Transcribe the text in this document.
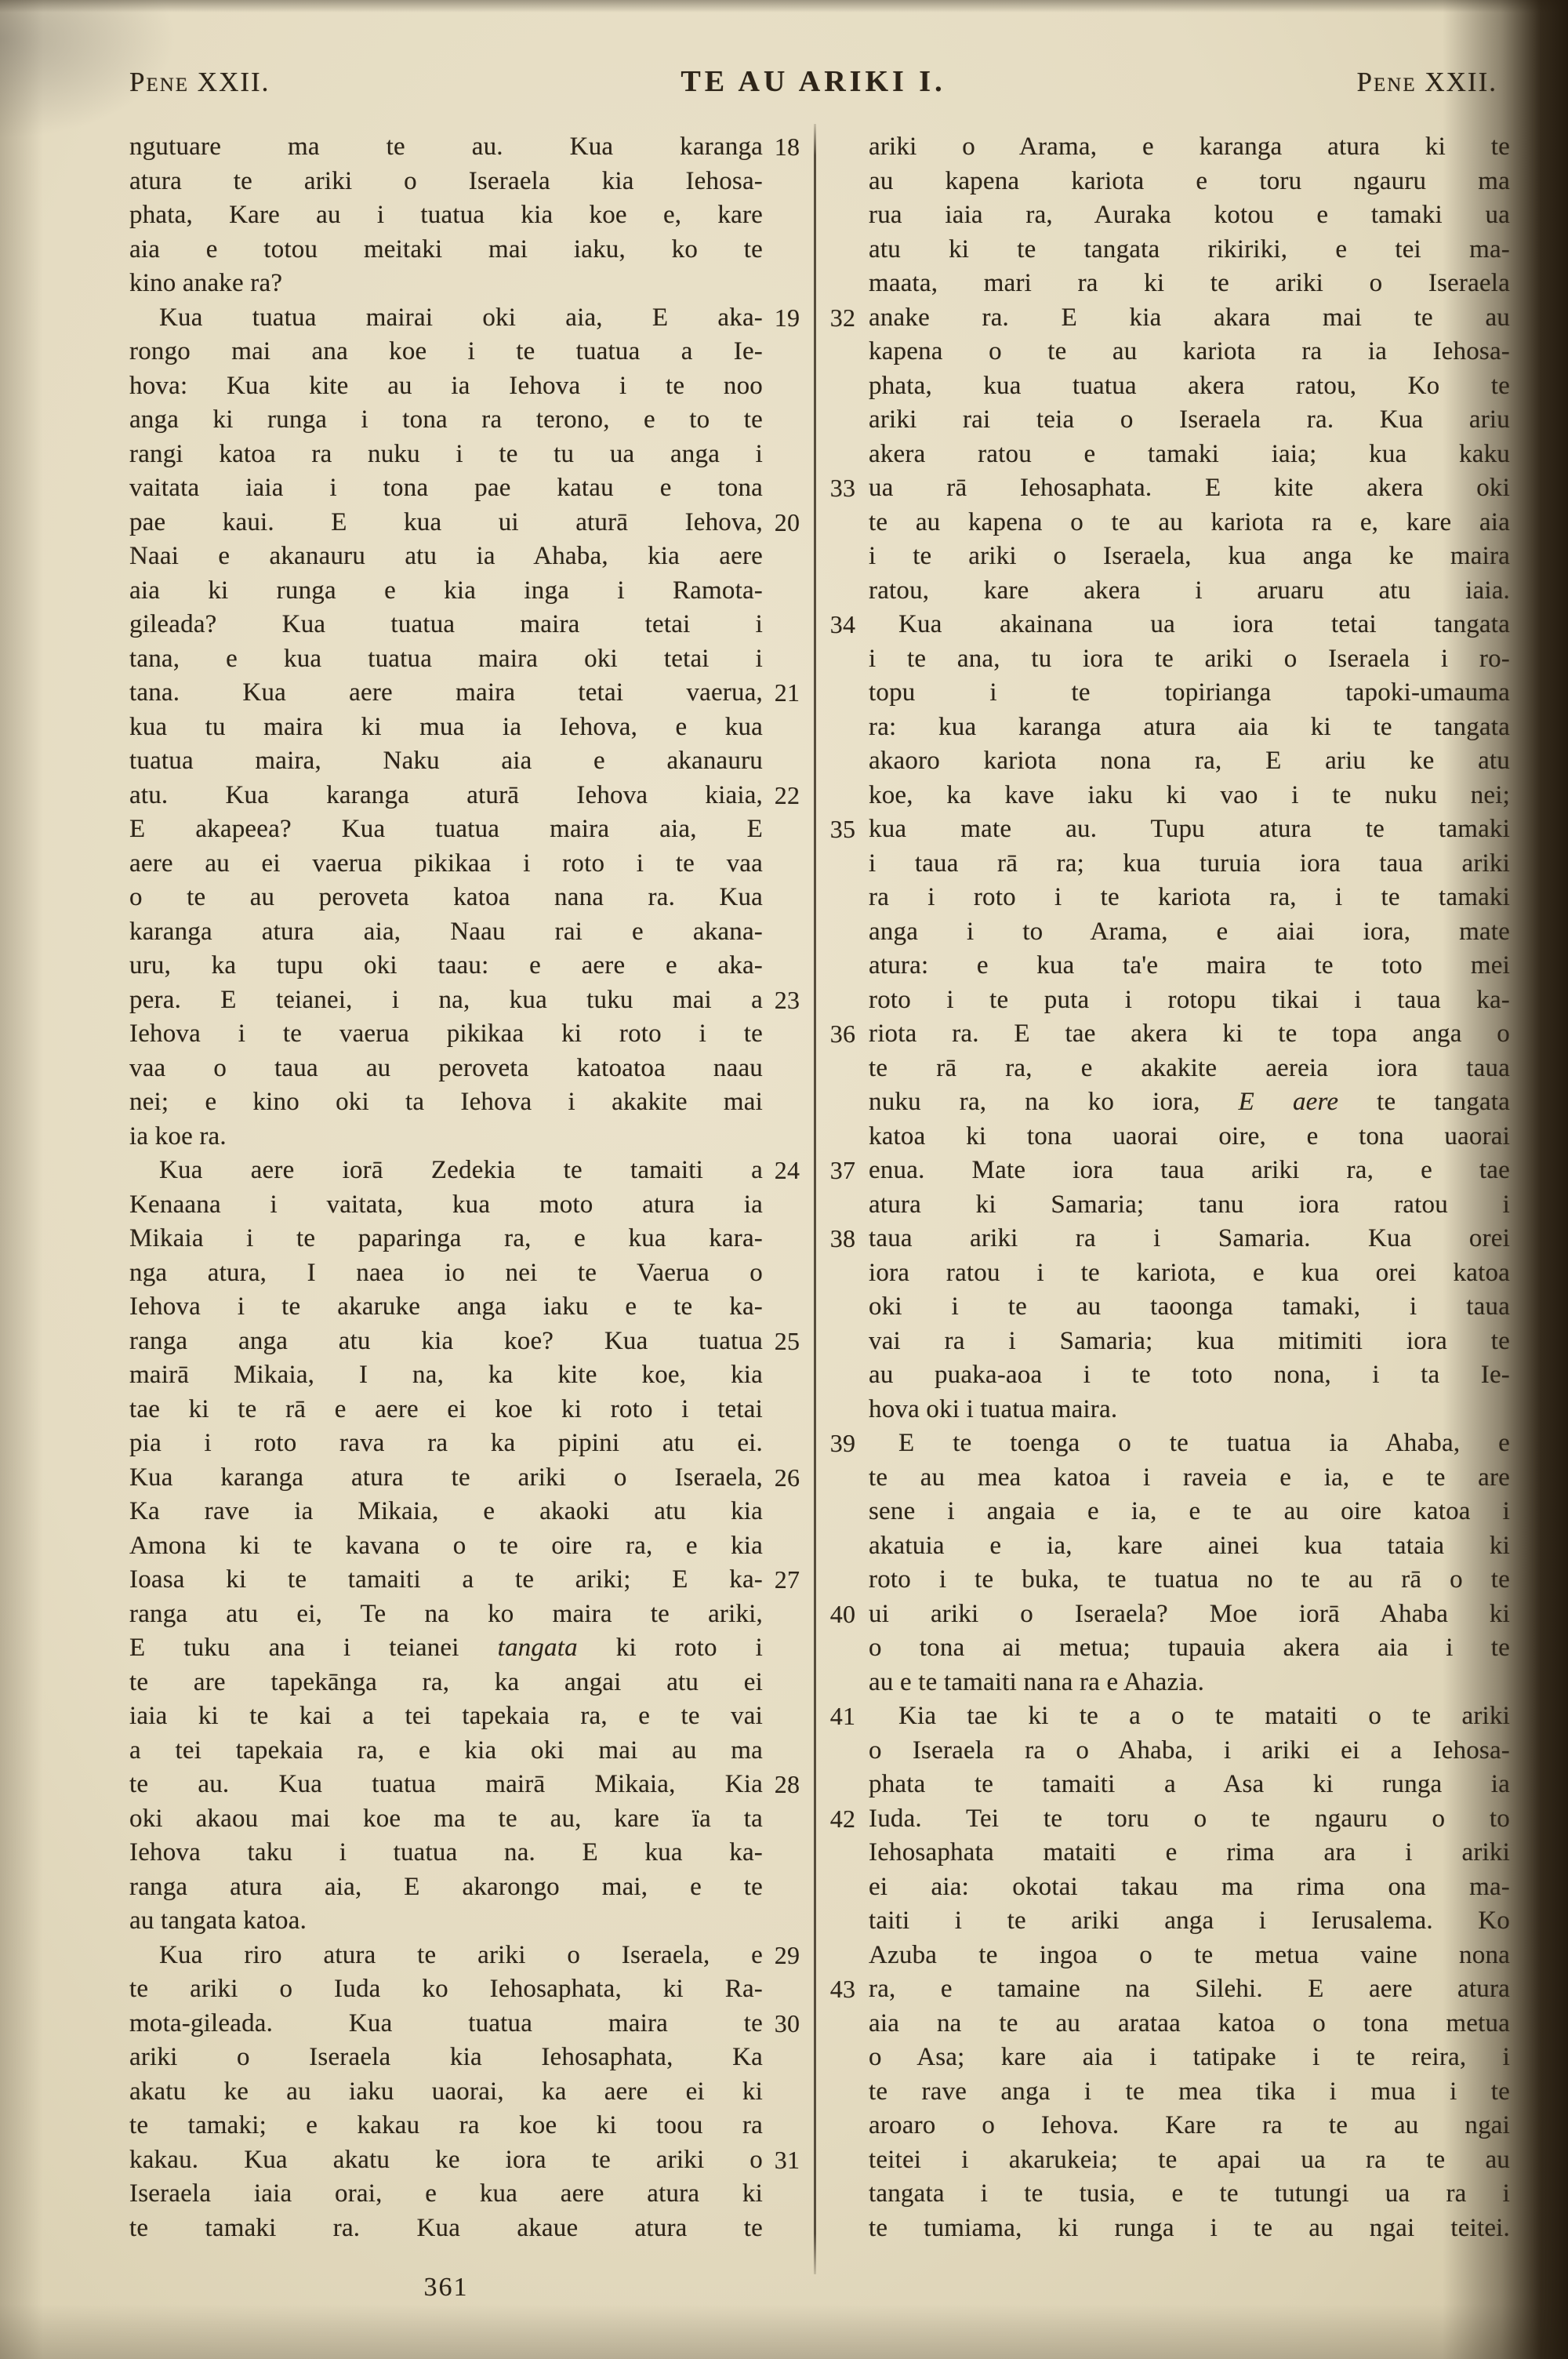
Pene XXII.	TE AU ARIKI I.	Pene XXII.
ngutuare ma te au. Kua karanga 18
atura te ariki o Iseraela kia Iehosa-
phata, Kare au i tuatua kia koe e, kare
aia e totou meitaki mai iaku, ko te
kino anake ra?
Kua tuatua mairai oki aia, E aka- 19
rongo mai ana koe i te tuatua a Ie-
hova: Kua kite au ia Iehova i te noo
anga ki runga i tona ra terono, e to te
rangi katoa ra nuku i te tu ua anga i
vaitata iaia i tona pae katau e tona
pae kaui. E kua ui aturā Iehova, 20
Naai e akanauru atu ia Ahaba, kia aere
aia ki runga e kia inga i Ramota-
gileada? Kua tuatua maira tetai i
tana, e kua tuatua maira oki tetai i
tana. Kua aere maira tetai vaerua, 21
kua tu maira ki mua ia Iehova, e kua
tuatua maira, Naku aia e akanauru
atu. Kua karanga aturā Iehova kiaia, 22
E akapeea? Kua tuatua maira aia, E
aere au ei vaerua pikikaa i roto i te vaa
o te au peroveta katoa nana ra. Kua
karanga atura aia, Naau rai e akana-
uru, ka tupu oki taau: e aere e aka-
pera. E teianei, i na, kua tuku mai a 23
Iehova i te vaerua pikikaa ki roto i te
vaa o taua au peroveta katoatoa naau
nei; e kino oki ta Iehova i akakite mai
ia koe ra.
Kua aere iorā Zedekia te tamaiti a 24
Kenaana i vaitata, kua moto atura ia
Mikaia i te paparinga ra, e kua kara-
nga atura, I naea io nei te Vaerua o
Iehova i te akaruke anga iaku e te ka-
ranga anga atu kia koe? Kua tuatua 25
mairā Mikaia, I na, ka kite koe, kia
tae ki te rā e aere ei koe ki roto i tetai
pia i roto rava ra ka pipini atu ei.
Kua karanga atura te ariki o Iseraela, 26
Ka rave ia Mikaia, e akaoki atu kia
Amona ki te kavana o te oire ra, e kia
Ioasa ki te tamaiti a te ariki; E ka- 27
ranga atu ei, Te na ko maira te ariki,
E tuku ana i teianei tangata ki roto i
te are tapekānga ra, ka angai atu ei
iaia ki te kai a tei tapekaia ra, e te vai
a tei tapekaia ra, e kia oki mai au ma
te au. Kua tuatua mairā Mikaia, Kia 28
oki akaou mai koe ma te au, kare ïa ta
Iehova taku i tuatua na. E kua ka-
ranga atura aia, E akarongo mai, e te
au tangata katoa.
Kua riro atura te ariki o Iseraela, e 29
te ariki o Iuda ko Iehosaphata, ki Ra-
mota-gileada. Kua tuatua maira te 30
ariki o Iseraela kia Iehosaphata, Ka
akatu ke au iaku uaorai, ka aere ei ki
te tamaki; e kakau ra koe ki toou ra
kakau. Kua akatu ke iora te ariki o 31
Iseraela iaia orai, e kua aere atura ki
te tamaki ra. Kua akaue atura te
ariki o Arama, e karanga atura ki te
au kapena kariota e toru ngauru ma
rua iaia ra, Auraka kotou e tamaki ua
atu ki te tangata rikiriki, e tei ma-
maata, mari ra ki te ariki o Iseraela
anake ra. E kia akara mai te au
32
kapena o te au kariota ra ia Iehosa-
phata, kua tuatua akera ratou, Ko te
ariki rai teia o Iseraela ra. Kua ariu
akera ratou e tamaki iaia; kua kaku
ua rā Iehosaphata. E kite akera oki
33
te au kapena o te au kariota ra e, kare aia
i te ariki o Iseraela, kua anga ke maira
ratou, kare akera i aruaru atu iaia.
Kua akainana ua iora tetai tangata
34
i te ana, tu iora te ariki o Iseraela i ro-
topu i te topirianga tapoki-umauma
ra: kua karanga atura aia ki te tangata
akaoro kariota nona ra, E ariu ke atu
koe, ka kave iaku ki vao i te nuku nei;
kua mate au. Tupu atura te tamaki
35
i taua rā ra; kua turuia iora taua ariki
ra i roto i te kariota ra, i te tamaki
anga i to Arama, e aiai iora, mate
atura: e kua ta'e maira te toto mei
roto i te puta i rotopu tikai i taua ka-
riota ra. E tae akera ki te topa anga o
36
te rā ra, e akakite aereia iora taua
nuku ra, na ko iora, E aere te tangata
katoa ki tona uaorai oire, e tona uaorai
enua. Mate iora taua ariki ra, e tae
37
atura ki Samaria; tanu iora ratou i
taua ariki ra i Samaria. Kua orei
38
iora ratou i te kariota, e kua orei katoa
oki i te au taoonga tamaki, i taua
vai ra i Samaria; kua mitimiti iora te
au puaka-aoa i te toto nona, i ta Ie-
hova oki i tuatua maira.
E te toenga o te tuatua ia Ahaba, e
39
te au mea katoa i raveia e ia, e te are
sene i angaia e ia, e te au oire katoa i
akatuia e ia, kare ainei kua tataia ki
roto i te buka, te tuatua no te au rā o te
ui ariki o Iseraela? Moe iorā Ahaba ki
40
o tona ai metua; tupauia akera aia i te
au e te tamaiti nana ra e Ahazia.
Kia tae ki te a o te mataiti o te ariki
41
o Iseraela ra o Ahaba, i ariki ei a Iehosa-
phata te tamaiti a Asa ki runga ia
Iuda. Tei te toru o te ngauru o to
42
Iehosaphata mataiti e rima ara i ariki
ei aia: okotai takau ma rima ona ma-
taiti i te ariki anga i Ierusalema. Ko
Azuba te ingoa o te metua vaine nona
ra, e tamaine na Silehi. E aere atura
43
aia na te au arataa katoa o tona metua
o Asa; kare aia i tatipake i te reira, i
te rave anga i te mea tika i mua i te
aroaro o Iehova. Kare ra te au ngai
teitei i akarukeia; te apai ua ra te au
tangata i te tusia, e te tutungi ua ra i
te tumiama, ki runga i te au ngai teitei.
361
